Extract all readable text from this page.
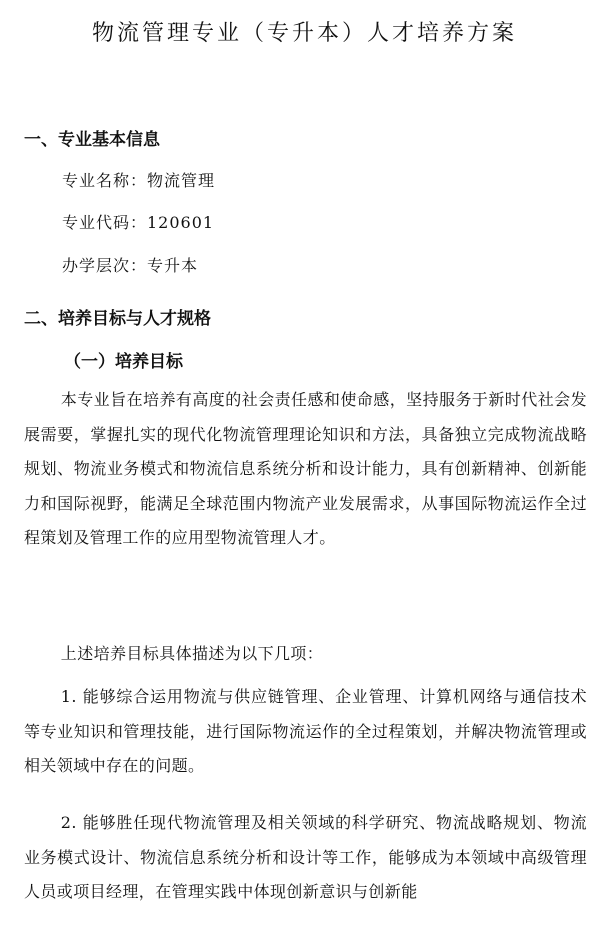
物流管理专业（专升本）人才培养方案
一、专业基本信息
专业名称：物流管理
专业代码：120601
办学层次：专升本
二、培养目标与人才规格
（一）培养目标

本专业旨在培养有高度的社会责任感和使命感，坚持服务于新时代社会发展需要，掌握扎实的现代化物流管理理论知识和方法，具备独立完成物流战略规划、物流业务模式和物流信息系统分析和设计能力，具有创新精神、创新能力和国际视野，能满足全球范围内物流产业发展需求，从事国际物流运作全过程策划及管理工作的应用型物流管理人才。

上述培养目标具体描述为以下几项：

1. 能够综合运用物流与供应链管理、企业管理、计算机网络与通信技术等专业知识和管理技能，进行国际物流运作的全过程策划，并解决物流管理或相关领域中存在的问题。

2. 能够胜任现代物流管理及相关领域的科学研究、物流战略规划、物流业务模式设计、物流信息系统分析和设计等工作，能够成为本领域中高级管理人员或项目经理，在管理实践中体现创新意识与创新能
